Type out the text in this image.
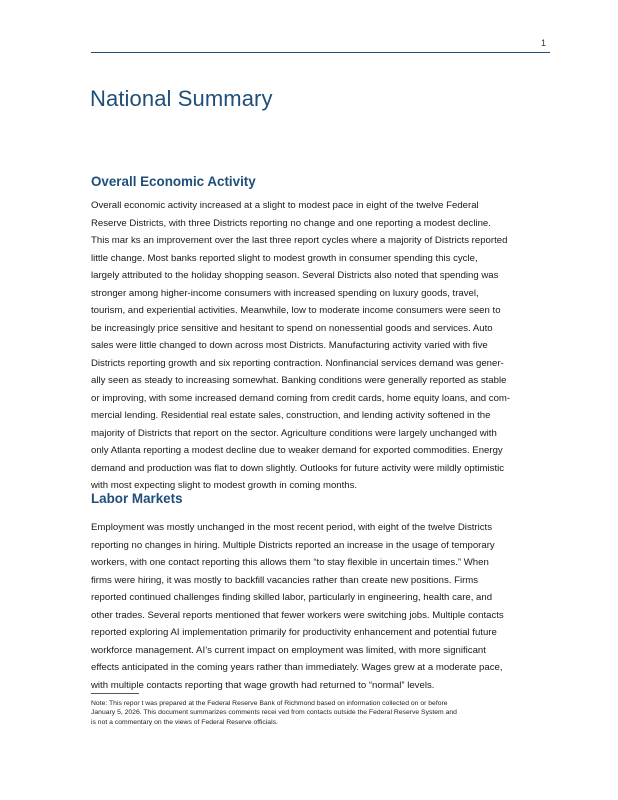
1
National Summary
Overall Economic Activity

Overall economic activity increased at a slight to modest pace in eight of the twelve Federal
Reserve Districts, with three Districts reporting no change and one reporting a modest decline.
This mar ks an improvement over the last three report cycles where a majority of Districts reported
little change. Most banks reported slight to modest growth in consumer spending this cycle,
largely attributed to the holiday shopping season. Several Districts also noted that spending was
stronger among higher-income consumers with increased spending on luxury goods, travel,
tourism, and experiential activities. Meanwhile, low to moderate income consumers were seen to
be increasingly price sensitive and hesitant to spend on nonessential goods and services. Auto
sales were little changed to down across most Districts. Manufacturing activity varied with five
Districts reporting growth and six reporting contraction. Nonfinancial services demand was gener-
ally seen as steady to increasing somewhat. Banking conditions were generally reported as stable
or improving, with some increased demand coming from credit cards, home equity loans, and com-
mercial lending. Residential real estate sales, construction, and lending activity softened in the
majority of Districts that report on the sector. Agriculture conditions were largely unchanged with
only Atlanta reporting a modest decline due to weaker demand for exported commodities. Energy
demand and production was flat to down slightly. Outlooks for future activity were mildly optimistic
with most expecting slight to modest growth in coming months.

Labor Markets

Employment was mostly unchanged in the most recent period, with eight of the twelve Districts
reporting no changes in hiring. Multiple Districts reported an increase in the usage of temporary
workers, with one contact reporting this allows them “to stay flexible in uncertain times.” When
firms were hiring, it was mostly to backfill vacancies rather than create new positions. Firms
reported continued challenges finding skilled labor, particularly in engineering, health care, and
other trades. Several reports mentioned that fewer workers were switching jobs. Multiple contacts
reported exploring AI implementation primarily for productivity enhancement and potential future
workforce management. AI’s current impact on employment was limited, with more significant
effects anticipated in the coming years rather than immediately. Wages grew at a moderate pace,
with multiple contacts reporting that wage growth had returned to “normal” levels.

Note: This repor t was prepared at the Federal Reserve Bank of Richmond based on information collected on or before
January 5, 2026. This document summarizes comments recei ved from contacts outside the Federal Reserve System and
is not a commentary on the views of Federal Reserve officials.
